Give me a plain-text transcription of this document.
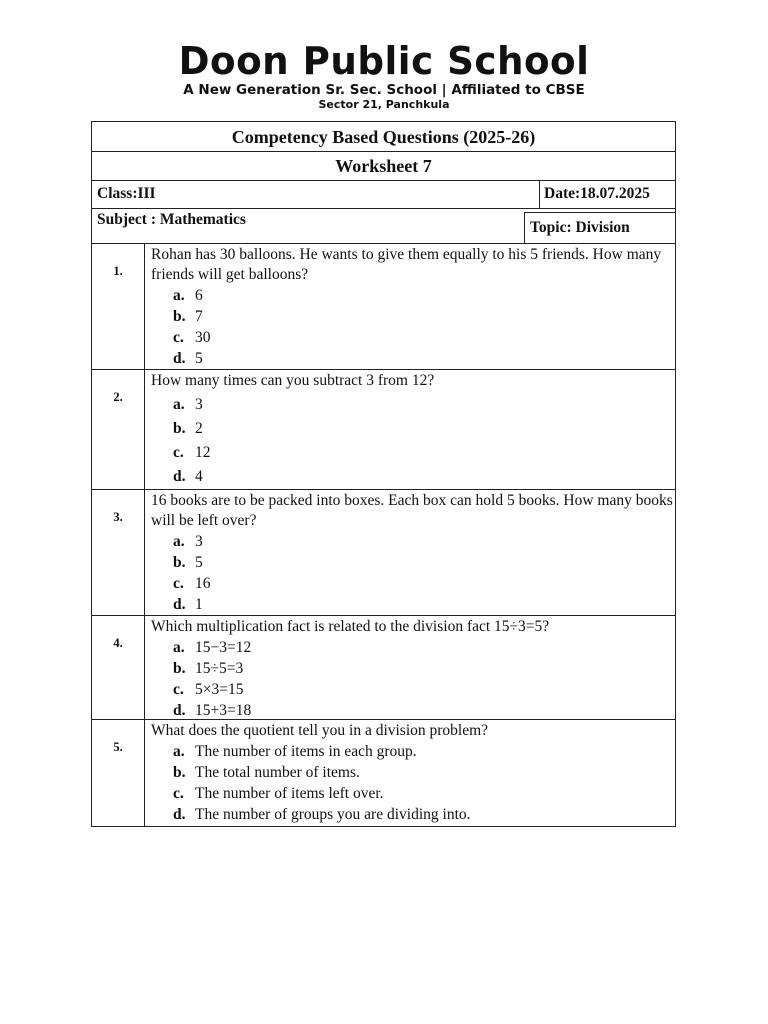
Doon Public School
A New Generation Sr. Sec. School | Affiliated to CBSE
Sector 21, Panchkula
Competency Based Questions (2025-26)
Worksheet 7
Class:III	Date:18.07.2025
Subject : Mathematics	Topic: Division
1.
Rohan has 30 balloons. He wants to give them equally to his 5 friends. How many friends will get balloons?
a. 6
b. 7
c. 30
d. 5
2.
How many times can you subtract 3 from 12?
a. 3
b. 2
c. 12
d. 4
3.
16 books are to be packed into boxes. Each box can hold 5 books. How many books will be left over?
a. 3
b. 5
c. 16
d. 1
4.
Which multiplication fact is related to the division fact 15÷3=5?
a. 15−3=12
b. 15÷5=3
c. 5×3=15
d. 15+3=18
5.
What does the quotient tell you in a division problem?
a. The number of items in each group.
b. The total number of items.
c. The number of items left over.
d. The number of groups you are dividing into.
